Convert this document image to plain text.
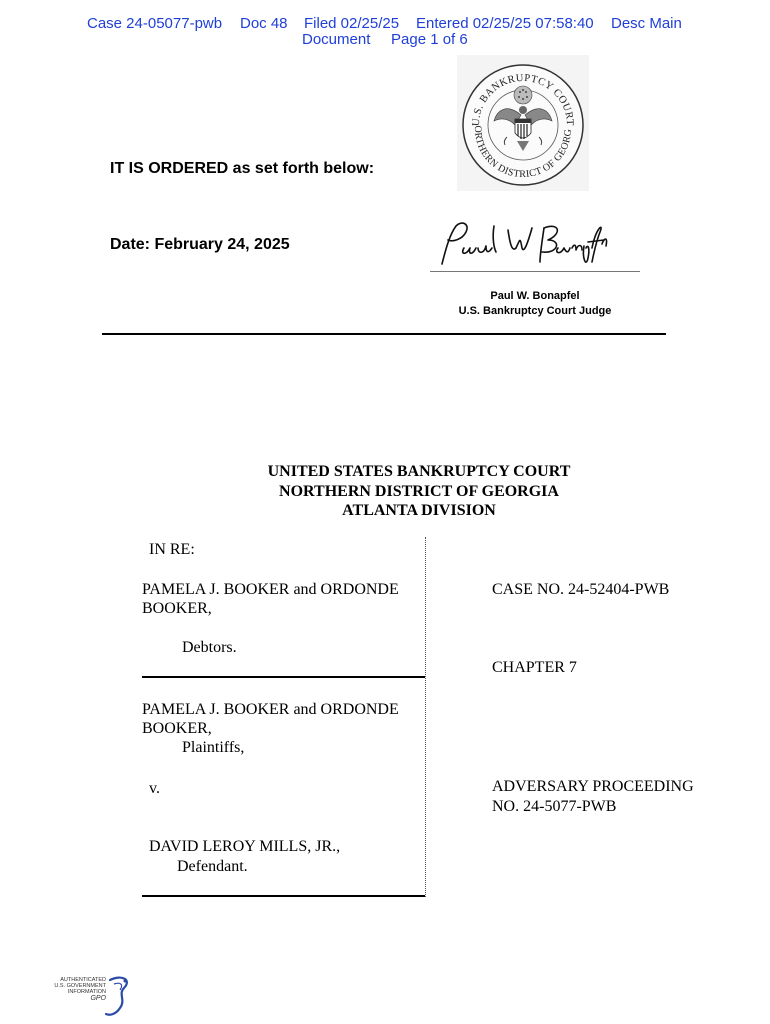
Case 24-05077-pwb Doc 48 Filed 02/25/25 Entered 02/25/25 07:58:40 Desc Main
Document Page 1 of 6
U.S. BANKRUPTCY COURT
ORTHERN DISTRICT OF GEORG
IT IS ORDERED as set forth below:
Date: February 24, 2025
Paul W. Bonapfel
U.S. Bankruptcy Court Judge
UNITED STATES BANKRUPTCY COURT
NORTHERN DISTRICT OF GEORGIA
ATLANTA DIVISION
IN RE:
PAMELA J. BOOKER and ORDONDE
BOOKER,
Debtors.
PAMELA J. BOOKER and ORDONDE
BOOKER,
Plaintiffs,
v.
DAVID LEROY MILLS, JR.,
Defendant.
CASE NO. 24-52404-PWB
CHAPTER 7
ADVERSARY PROCEEDING
NO. 24-5077-PWB
AUTHENTICATED
U.S. GOVERNMENT
INFORMATION
GPO
